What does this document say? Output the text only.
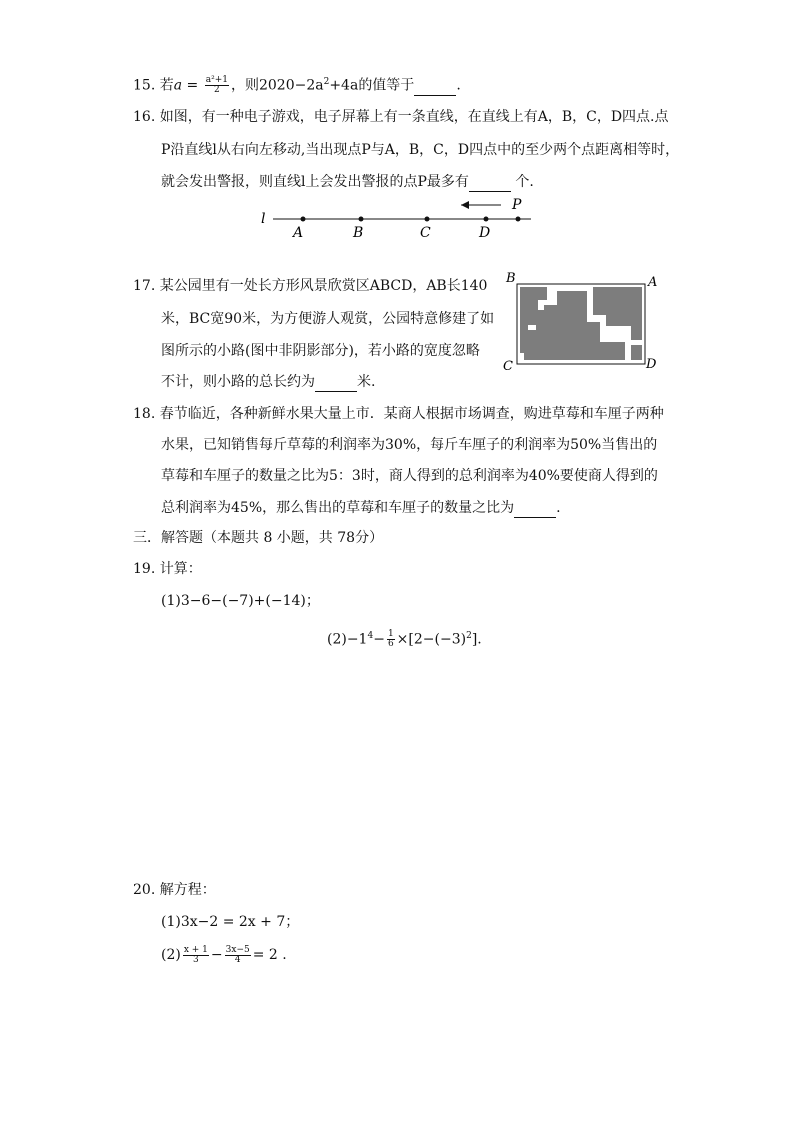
15. 若$a = \frac{\text{a²+1}}{2}$ ，则$2020-2a^2+4a$的值等于	.
16. 如图，有一种电子游戏，电子屏幕上有一条直线，在直线上有A，B，C，D四点.点
P沿直线l从右向左移动,当出现点P与A，B，C，D四点中的至少两个点距离相等时，
就会发出警报，则直线l上会发出警报的点P最多有	个.
l
A	B	C	D
P
17. 某公园里有一处长方形风景欣赏区ABCD，AB长140
米，BC宽90米，为方便游人观赏，公园特意修建了如
图所示的小路(图中非阴影部分)，若小路的宽度忽略
不计，则小路的总长约为	米.
B	A
C	D
18. 春节临近，各种新鲜水果大量上市．某商人根据市场调查，购进草莓和车厘子两种
水果，已知销售每斤草莓的利润率为30%，每斤车厘子的利润率为50%当售出的
草莓和车厘子的数量之比为5：3时，商人得到的总利润率为40%要使商人得到的
总利润率为45%，那么售出的草莓和车厘子的数量之比为	.
三．解答题（本题共 8 小题，共 78分）
19. 计算：
(1)3−6−(−7)+(−14)；
$(2)-1^4- \frac{1}{6} \times[2-(-3)^2]$.
20. 解方程：
(1)3x−2 = 2x + 7；
$(2) \frac{x + 1}{3} - \frac{3x-5}{4} = 2$ .
